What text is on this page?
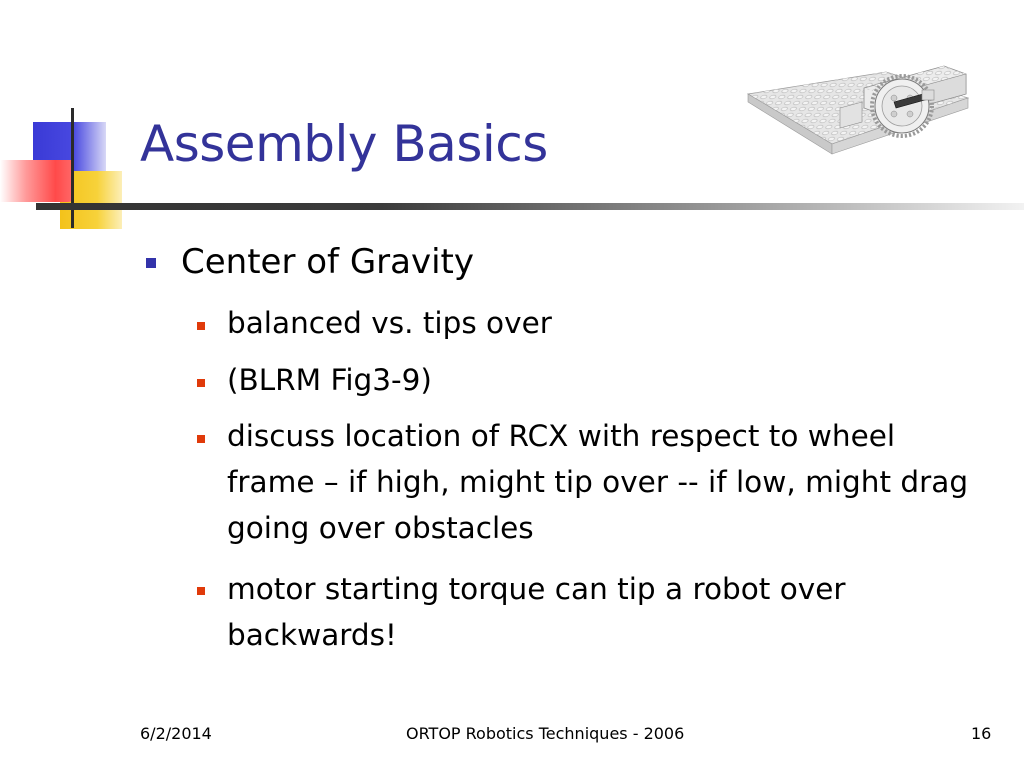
Assembly Basics
Center of Gravity
balanced vs. tips over
(BLRM Fig3-9)
discuss location of RCX with respect to wheel frame – if high, might tip over -- if low, might drag going over obstacles
motor starting torque can tip a robot over backwards!
6/2/2014	ORTOP Robotics Techniques - 2006	16
